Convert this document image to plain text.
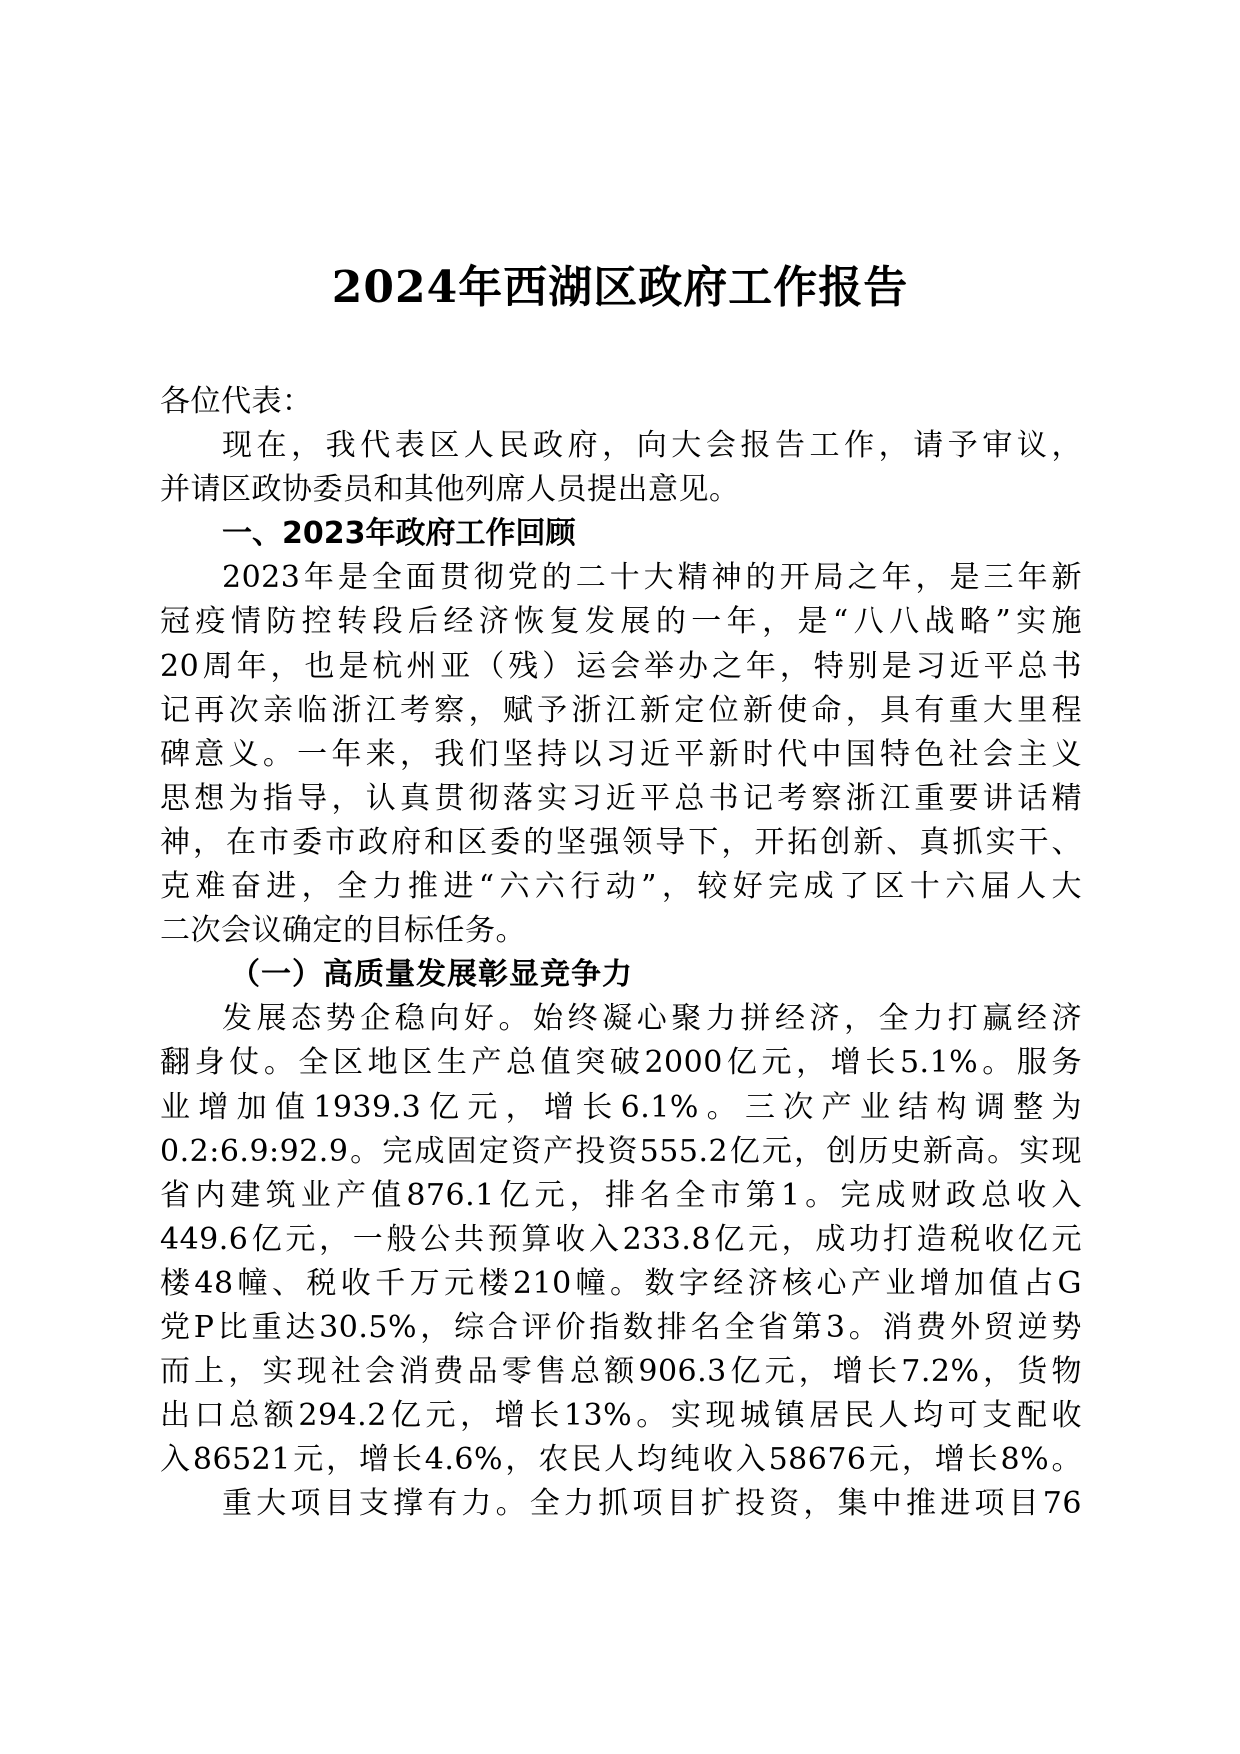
2024年西湖区政府工作报告
各位代表：
现在，我代表区人民政府，向大会报告工作，请予审议，
并请区政协委员和其他列席人员提出意见。
一、2023年政府工作回顾
2023年是全面贯彻党的二十大精神的开局之年，是三年新
冠疫情防控转段后经济恢复发展的一年，是“八八战略”实施
20周年，也是杭州亚（残）运会举办之年，特别是习近平总书
记再次亲临浙江考察，赋予浙江新定位新使命，具有重大里程
碑意义。一年来，我们坚持以习近平新时代中国特色社会主义
思想为指导，认真贯彻落实习近平总书记考察浙江重要讲话精
神，在市委市政府和区委的坚强领导下，开拓创新、真抓实干、
克难奋进，全力推进“六六行动”，较好完成了区十六届人大
二次会议确定的目标任务。
（一）高质量发展彰显竞争力
发展态势企稳向好。始终凝心聚力拼经济，全力打赢经济
翻身仗。全区地区生产总值突破2000亿元，增长5.1%。服务
业增加值1939.3亿元，增长6.1%。三次产业结构调整为
0.2:6.9:92.9。完成固定资产投资555.2亿元，创历史新高。实现
省内建筑业产值876.1亿元，排名全市第1。完成财政总收入
449.6亿元，一般公共预算收入233.8亿元，成功打造税收亿元
楼48幢、税收千万元楼210幢。数字经济核心产业增加值占G
党P比重达30.5%，综合评价指数排名全省第3。消费外贸逆势
而上，实现社会消费品零售总额906.3亿元，增长7.2%，货物
出口总额294.2亿元，增长13%。实现城镇居民人均可支配收
入86521元，增长4.6%，农民人均纯收入58676元，增长8%。
重大项目支撑有力。全力抓项目扩投资，集中推进项目76
